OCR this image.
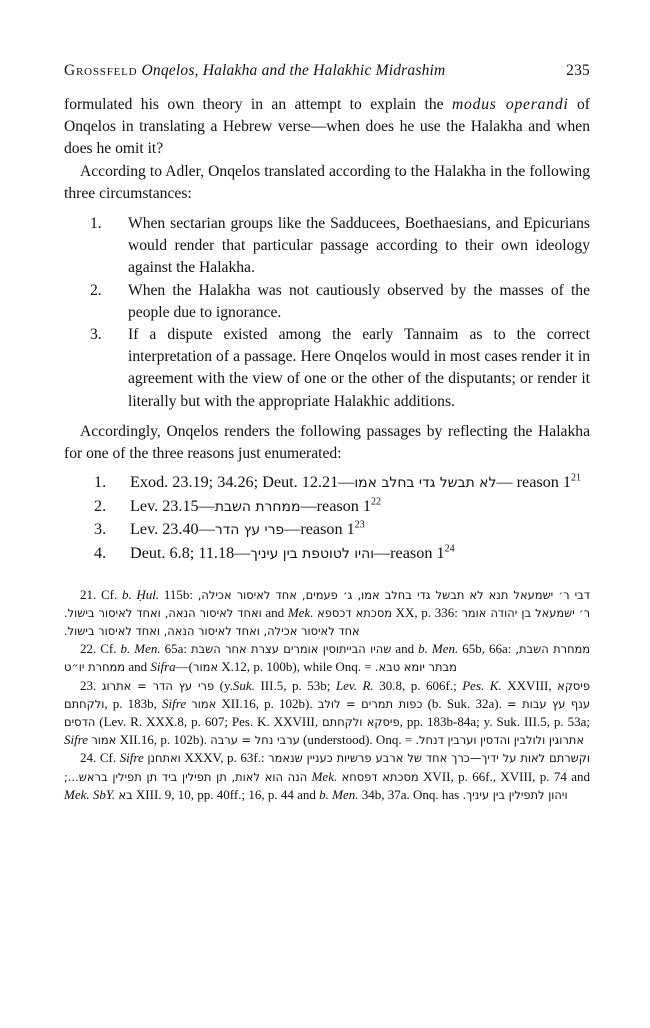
Grossfeld Onqelos, Halakha and the Halakhic Midrashim	235

formulated his own theory in an attempt to explain the modus operandi of Onqelos in translating a Hebrew verse—when does he use the Halakha and when does he omit it?

According to Adler, Onqelos translated according to the Halakha in the following three circumstances:

1. When sectarian groups like the Sadducees, Boethaesians, and Epicurians would render that particular passage according to their own ideology against the Halakha.
2. When the Halakha was not cautiously observed by the masses of the people due to ignorance.
3. If a dispute existed among the early Tannaim as to the correct interpretation of a passage. Here Onqelos would in most cases render it in agreement with the view of one or the other of the disputants; or render it literally but with the appropriate Halakhic additions.

Accordingly, Onqelos renders the following passages by reflecting the Halakha for one of the three reasons just enumerated:

1. Exod. 23.19; 34.26; Deut. 12.21—לא תבשל גדי בחלב אמו— reason $1^{21}$
2. Lev. 23.15—ממחרת השבת—reason $1^{22}$
3. Lev. 23.40—פרי עץ הדר—reason $1^{23}$
4. Deut. 6.8; 11.18—והיו לטוטפת בין עיניך—reason $1^{24}$

21. Cf. b. Ḥul. 115b: דבי ר׳ ישמעאל תנא לא תבשל גדי בחלב אמו, ג׳ פעמים, אחד לאיסור אכילה, ואחד לאיסור הנאה, ואחד לאיסור בישול. and Mek. מסכתא דכספא XX, p. 336: ר׳ ישמעאל בן יהודה אומר אחד לאיסור אכילה, ואחד לאיסור הנאה, ואחד לאיסור בישול.

22. Cf. b. Men. 65a: שהיו הבייתוסין אומרים עצרת אחר השבת and b. Men. 65b, 66a: ממחרת השבת, ממחרת יו״ט and Sifra—(אמור X.12, p. 100b), while Onq. = מבתר יומא טבא.

23. פרי עץ הדר = אתרוג (y.Suk. III.5, p. 53b; Lev. R. 30.8, p. 606f.; Pes. K. XXVIII, פיסקא ולקחתם, p. 183b, Sifre אמור XII.16, p. 102b). כפות תמרים = לולב (b. Suk. 32a). ענף עץ עבות = הדסים (Lev. R. XXX.8, p. 607; Pes. K. XXVIII, פיסקא ולקחתם, pp. 183b-84a; y. Suk. III.5, p. 53a; Sifre אמור XII.16, p. 102b). ערבי נחל = ערבה (understood). Onq. = אתרוגין ולולבין והדסין וערבין דנחל.

24. Cf. Sifre ואתחנן XXXV, p. 63f.: וקשרתם לאות על ידיך—כרך אחד של ארבע פרשיות כעניין שנאמר הנה הוא לאות, תן תפילין ביד תן תפילין בראש...; Mek. מסכתא דפסחא XVII, p. 66f., XVIII, p. 74 and Mek. SbY. בא XIII. 9, 10, pp. 40ff.; 16, p. 44 and b. Men. 34b, 37a. Onq. has ויהון לתפילין בין עיניך.
